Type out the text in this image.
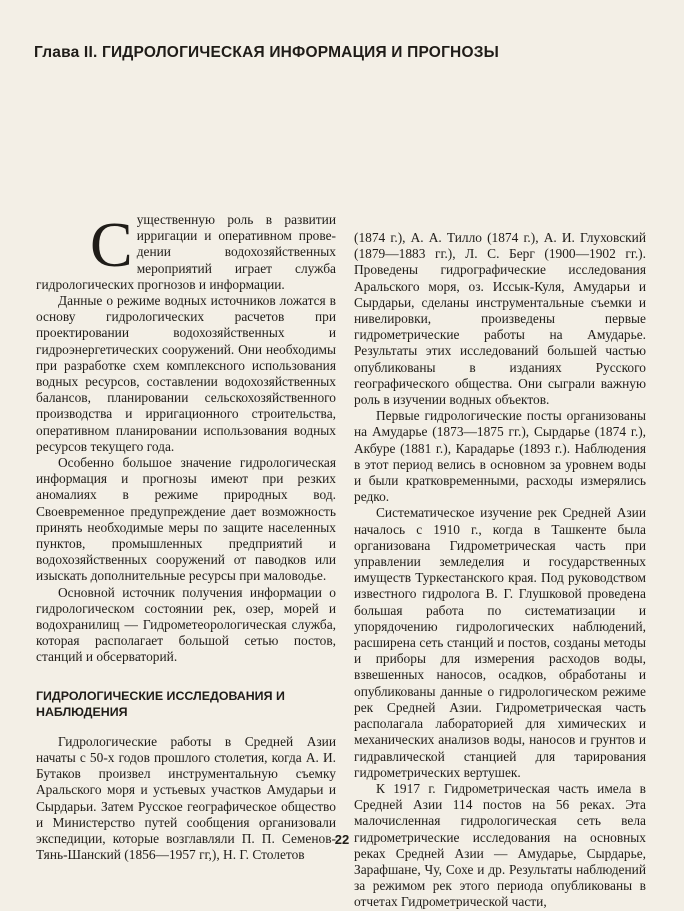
Глава II. ГИДРОЛОГИЧЕСКАЯ ИНФОРМАЦИЯ И ПРОГНОЗЫ

Существенную роль в развитии ирригации и оперативном проведении водохозяйственных мероприятий играет служба гидрологических прогнозов и информации.

Данные о режиме водных источников ложатся в основу гидрологических расчетов при проектировании водохозяйственных и гидроэнергетических сооружений. Они необходимы при разработке схем комплексного использования водных ресурсов, составлении водохозяйственных балансов, планировании сельскохозяйственного производства и ирригационного строительства, оперативном планировании использования водных ресурсов текущего года.

Особенно большое значение гидрологическая информация и прогнозы имеют при резких аномалиях в режиме природных вод. Своевременное предупреждение дает возможность принять необходимые меры по защите населенных пунктов, промышленных предприятий и водохозяйственных сооружений от паводков или изыскать дополнительные ресурсы при маловодье.

Основной источник получения информации о гидрологическом состоянии рек, озер, морей и водохранилищ — Гидрометеорологическая служба, которая располагает большой сетью постов, станций и обсерваторий.

ГИДРОЛОГИЧЕСКИЕ ИССЛЕДОВАНИЯ И НАБЛЮДЕНИЯ

Гидрологические работы в Средней Азии начаты с 50-х годов прошлого столетия, когда А. И. Бутаков произвел инструментальную съемку Аральского моря и устьевых участков Амударьи и Сырдарьи. Затем Русское географическое общество и Министерство путей сообщения организовали экспедиции, которые возглавляли П. П. Семенов-Тянь-Шанский (1856—1957 гг,), Н. Г. Столетов

(1874 г.), А. А. Тилло (1874 г.), А. И. Глуховский (1879—1883 гг.), Л. С. Берг (1900—1902 гг.). Проведены гидрографические исследования Аральского моря, оз. Иссык-Куля, Амударьи и Сырдарьи, сделаны инструментальные съемки и нивелировки, произведены первые гидрометрические работы на Амударье. Результаты этих исследований большей частью опубликованы в изданиях Русского географического общества. Они сыграли важную роль в изучении водных объектов.

Первые гидрологические посты организованы на Амударье (1873—1875 гг.), Сырдарье (1874 г.), Акбуре (1881 г.), Карадарье (1893 г.). Наблюдения в этот период велись в основном за уровнем воды и были кратковременными, расходы измерялись редко.

Систематическое изучение рек Средней Азии началось с 1910 г., когда в Ташкенте была организована Гидрометрическая часть при управлении земледелия и государственных имуществ Туркестанского края. Под руководством известного гидролога В. Г. Глушковой проведена большая работа по систематизации и упорядочению гидрологических наблюдений, расширена сеть станций и постов, созданы методы и приборы для измерения расходов воды, взвешенных наносов, осадков, обработаны и опубликованы данные о гидрологическом режиме рек Средней Азии. Гидрометрическая часть располагала лабораторией для химических и механических анализов воды, наносов и грунтов и гидравлической станцией для тарирования гидрометрических вертушек.

К 1917 г. Гидрометрическая часть имела в Средней Азии 114 постов на 56 реках. Эта малочисленная гидрологическая сеть вела гидрометрические исследования на основных реках Средней Азии — Амударье, Сырдарье, Зарафшане, Чу, Сохе и др. Результаты наблюдений за режимом рек этого периода опубликованы в отчетах Гидрометрической части,

22
